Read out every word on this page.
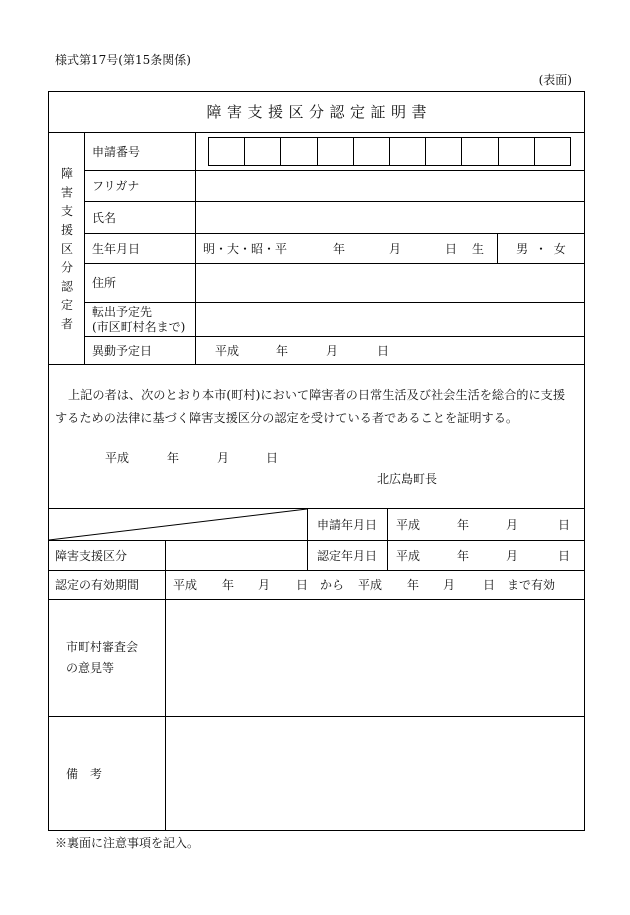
様式第17号(第15条関係)
(表面)
障害支援区分認定証明書
障害支援区分認定者
申請番号
フリガナ
氏名
生年月日	明・大・昭・平	年	月	日 生	男 ・ 女
住所
転出予定先
(市区町村名まで)
異動予定日	平成	年	月	日
上記の者は、次のとおり本市(町村)において障害者の日常生活及び社会生活を総合的に支援
するための法律に基づく障害支援区分の認定を受けている者であることを証明する。
平成	年	月	日
北広島町長
申請年月日	平成	年	月	日
障害支援区分	認定年月日	平成	年	月	日
認定の有効期間	平成 年 月 日 から 平成 年 月 日 まで有効
市町村審査会
の意見等
備　考
※裏面に注意事項を記入。
